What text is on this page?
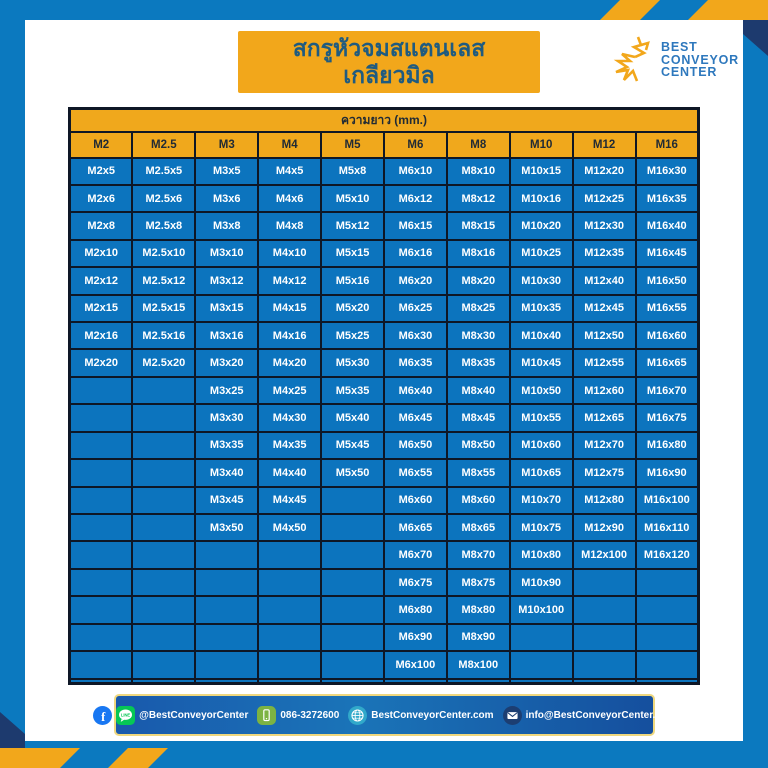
สกรูหัวจมสแตนเลส
เกลียวมิล
BEST
CONVEYOR
CENTER
ความยาว (mm.)									
M2	M2.5	M3	M4	M5	M6	M8	M10	M12	M16
M2x5	M2.5x5	M3x5	M4x5	M5x8	M6x10	M8x10	M10x15	M12x20	M16x30
M2x6	M2.5x6	M3x6	M4x6	M5x10	M6x12	M8x12	M10x16	M12x25	M16x35
M2x8	M2.5x8	M3x8	M4x8	M5x12	M6x15	M8x15	M10x20	M12x30	M16x40
M2x10	M2.5x10	M3x10	M4x10	M5x15	M6x16	M8x16	M10x25	M12x35	M16x45
M2x12	M2.5x12	M3x12	M4x12	M5x16	M6x20	M8x20	M10x30	M12x40	M16x50
M2x15	M2.5x15	M3x15	M4x15	M5x20	M6x25	M8x25	M10x35	M12x45	M16x55
M2x16	M2.5x16	M3x16	M4x16	M5x25	M6x30	M8x30	M10x40	M12x50	M16x60
M2x20	M2.5x20	M3x20	M4x20	M5x30	M6x35	M8x35	M10x45	M12x55	M16x65
		M3x25	M4x25	M5x35	M6x40	M8x40	M10x50	M12x60	M16x70
		M3x30	M4x30	M5x40	M6x45	M8x45	M10x55	M12x65	M16x75
		M3x35	M4x35	M5x45	M6x50	M8x50	M10x60	M12x70	M16x80
		M3x40	M4x40	M5x50	M6x55	M8x55	M10x65	M12x75	M16x90
		M3x45	M4x45		M6x60	M8x60	M10x70	M12x80	M16x100
		M3x50	M4x50		M6x65	M8x65	M10x75	M12x90	M16x110
					M6x70	M8x70	M10x80	M12x100	M16x120
					M6x75	M8x75	M10x90		
					M6x80	M8x80	M10x100		
					M6x90	M8x90			
					M6x100	M8x100			

f	LINE @BestConveyorCenter	086-3272600	BestConveyorCenter.com	info@BestConveyorCenter.com
